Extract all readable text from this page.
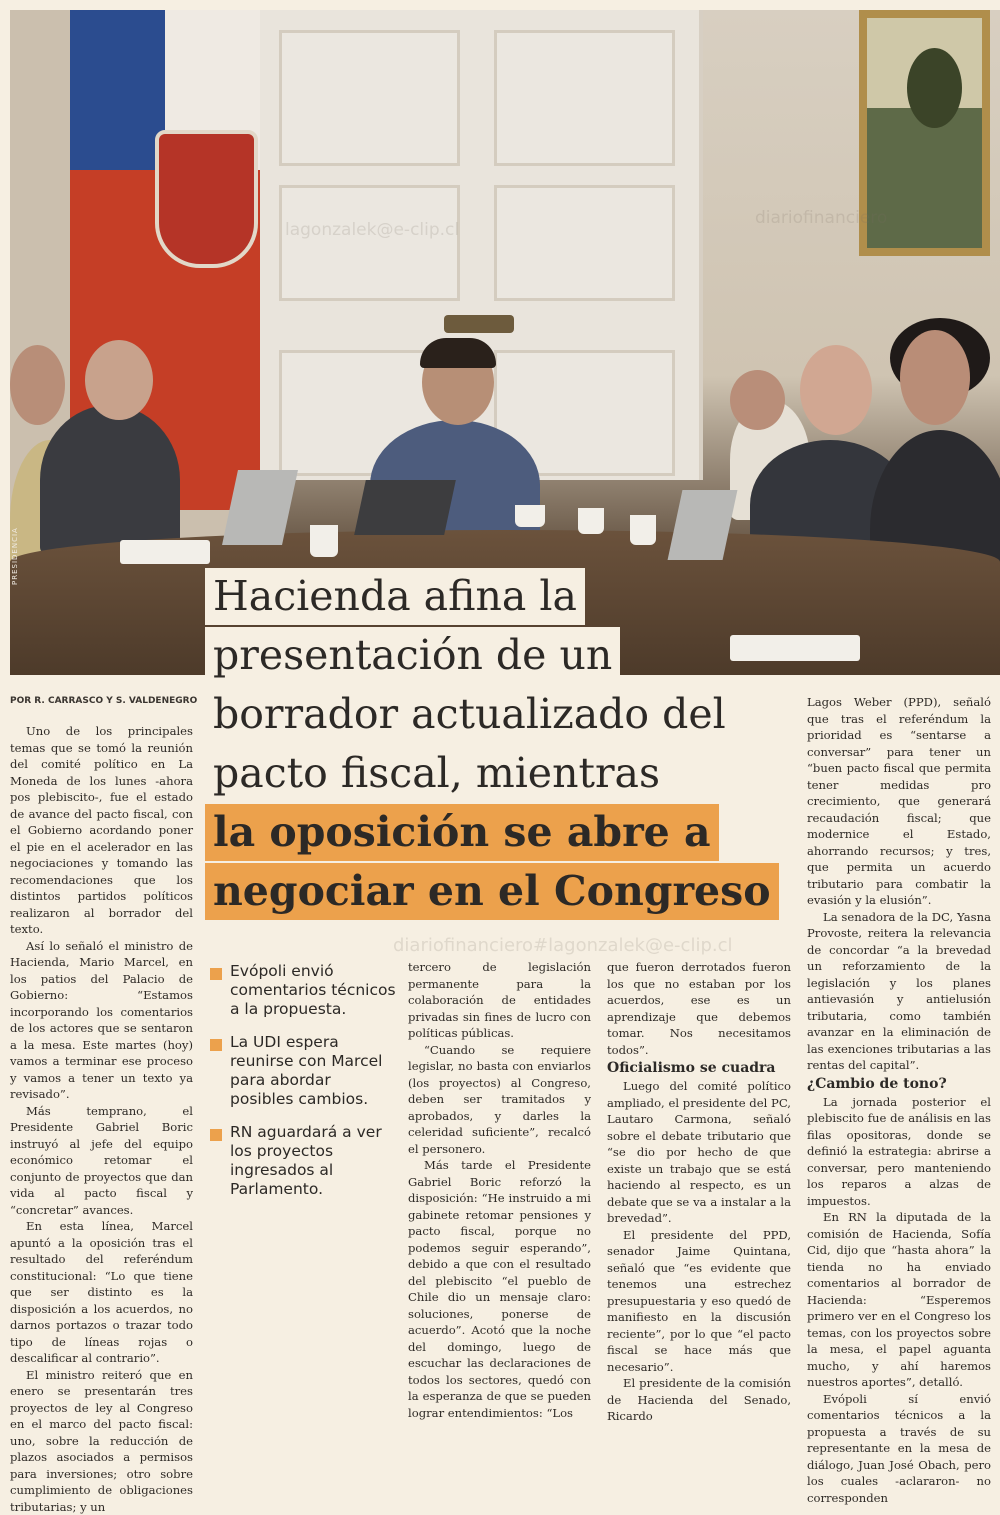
lagonzalek@e-clip.cl
diariofinanciero
PRESIDENCIA
Hacienda afina la
presentación de un
borrador actualizado del
pacto fiscal, mientras
la oposición se abre a
negociar en el Congreso
POR R. CARRASCO Y S. VALDENEGRO

Uno de los principales temas que se tomó la reunión del comité político en La Moneda de los lunes -ahora pos plebiscito-, fue el estado de avance del pacto fiscal, con el Gobierno acordando poner el pie en el acelerador en las negociaciones y tomando las recomendaciones que los distintos partidos políticos realizaron al borrador del texto.

Así lo señaló el ministro de Hacienda, Mario Marcel, en los patios del Palacio de Gobierno: “Estamos incorporando los comentarios de los actores que se sentaron a la mesa. Este martes (hoy) vamos a terminar ese proceso y vamos a tener un texto ya revisado”.

Más temprano, el Presidente Gabriel Boric instruyó al jefe del equipo económico retomar el conjunto de proyectos que dan vida al pacto fiscal y “concretar” avances.

En esta línea, Marcel apuntó a la oposición tras el resultado del referéndum constitucional: “Lo que tiene que ser distinto es la disposición a los acuerdos, no darnos portazos o trazar todo tipo de líneas rojas o descalificar al contrario”.

El ministro reiteró que en enero se presentarán tres proyectos de ley al Congreso en el marco del pacto fiscal: uno, sobre la reducción de plazos asociados a permisos para inversiones; otro sobre cumplimiento de obligaciones tributarias; y un

diariofinanciero#lagonzalek@e-clip.cl
Evópoli envió comentarios técnicos a la propuesta.
La UDI espera reunirse con Marcel para abordar posibles cambios.
RN aguardará a ver los proyectos ingresados al Parlamento.

tercero de legislación permanente para la colaboración de entidades privadas sin fines de lucro con políticas públicas.

“Cuando se requiere legislar, no basta con enviarlos (los proyectos) al Congreso, deben ser tramitados y aprobados, y darles la celeridad suficiente”, recalcó el personero.

Más tarde el Presidente Gabriel Boric reforzó la disposición: “He instruido a mi gabinete retomar pensiones y pacto fiscal, porque no podemos seguir esperando”, debido a que con el resultado del plebiscito “el pueblo de Chile dio un mensaje claro: soluciones, ponerse de acuerdo”. Acotó que la noche del domingo, luego de escuchar las declaraciones de todos los sectores, quedó con la esperanza de que se pueden lograr entendimientos: “Los

que fueron derrotados fueron los que no estaban por los acuerdos, ese es un aprendizaje que debemos tomar. Nos necesitamos todos”.

Oficialismo se cuadra

Luego del comité político ampliado, el presidente del PC, Lautaro Carmona, señaló sobre el debate tributario que “se dio por hecho de que existe un trabajo que se está haciendo al respecto, es un debate que se va a instalar a la brevedad”.

El presidente del PPD, senador Jaime Quintana, señaló que “es evidente que tenemos una estrechez presupuestaria y eso quedó de manifiesto en la discusión reciente”, por lo que “el pacto fiscal se hace más que necesario”.

El presidente de la comisión de Hacienda del Senado, Ricardo

Lagos Weber (PPD), señaló que tras el referéndum la prioridad es “sentarse a conversar” para tener un “buen pacto fiscal que permita tener medidas pro crecimiento, que generará recaudación fiscal; que modernice el Estado, ahorrando recursos; y tres, que permita un acuerdo tributario para combatir la evasión y la elusión”.

La senadora de la DC, Yasna Provoste, reitera la relevancia de concordar “a la brevedad un reforzamiento de la legislación y los planes antievasión y antielusión tributaria, como también avanzar en la eliminación de las exenciones tributarias a las rentas del capital”.

¿Cambio de tono?

La jornada posterior el plebiscito fue de análisis en las filas opositoras, donde se definió la estrategia: abrirse a conversar, pero manteniendo los reparos a alzas de impuestos.

En RN la diputada de la comisión de Hacienda, Sofía Cid, dijo que “hasta ahora” la tienda no ha enviado comentarios al borrador de Hacienda: “Esperemos primero ver en el Congreso los temas, con los proyectos sobre la mesa, el papel aguanta mucho, y ahí haremos nuestros aportes”, detalló.

Evópoli sí envió comentarios técnicos a la propuesta a través de su representante en la mesa de diálogo, Juan José Obach, pero los cuales -aclararon- no corresponden
